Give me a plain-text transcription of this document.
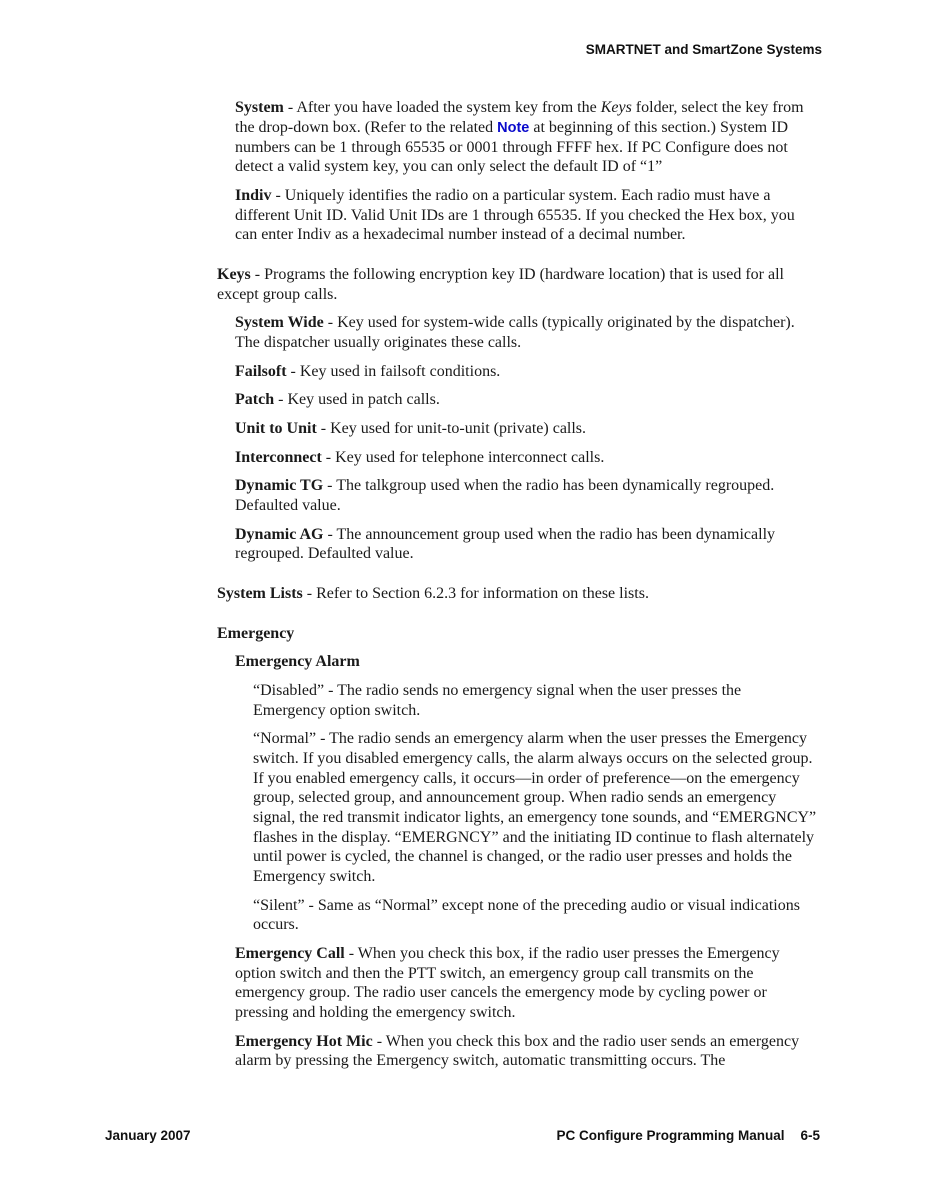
SMARTNET and SmartZone Systems

System - After you have loaded the system key from the Keys folder, select the key from the drop-down box. (Refer to the related Note at beginning of this section.) System ID numbers can be 1 through 65535 or 0001 through FFFF hex. If PC Configure does not detect a valid system key, you can only select the default ID of “1”

Indiv - Uniquely identifies the radio on a particular system. Each radio must have a different Unit ID. Valid Unit IDs are 1 through 65535. If you checked the Hex box, you can enter Indiv as a hexadecimal number instead of a decimal number.

Keys - Programs the following encryption key ID (hardware location) that is used for all except group calls.

System Wide - Key used for system-wide calls (typically originated by the dispatcher). The dispatcher usually originates these calls.

Failsoft - Key used in failsoft conditions.

Patch - Key used in patch calls.

Unit to Unit - Key used for unit-to-unit (private) calls.

Interconnect - Key used for telephone interconnect calls.

Dynamic TG - The talkgroup used when the radio has been dynamically regrouped. Defaulted value.

Dynamic AG - The announcement group used when the radio has been dynamically regrouped. Defaulted value.

System Lists - Refer to Section 6.2.3 for information on these lists.

Emergency

Emergency Alarm

“Disabled” - The radio sends no emergency signal when the user presses the Emergency option switch.

“Normal” - The radio sends an emergency alarm when the user presses the Emergency switch. If you disabled emergency calls, the alarm always occurs on the selected group. If you enabled emergency calls, it occurs—in order of preference—on the emergency group, selected group, and announcement group. When radio sends an emergency signal, the red transmit indicator lights, an emergency tone sounds, and “EMERGNCY” flashes in the display. “EMERGNCY” and the initiating ID continue to flash alternately until power is cycled, the channel is changed, or the radio user presses and holds the Emergency switch.

“Silent” - Same as “Normal” except none of the preceding audio or visual indications occurs.

Emergency Call - When you check this box, if the radio user presses the Emergency option switch and then the PTT switch, an emergency group call transmits on the emergency group. The radio user cancels the emergency mode by cycling power or pressing and holding the emergency switch.

Emergency Hot Mic - When you check this box and the radio user sends an emergency alarm by pressing the Emergency switch, automatic transmitting occurs. The

January 2007	PC Configure Programming Manual 6-5
